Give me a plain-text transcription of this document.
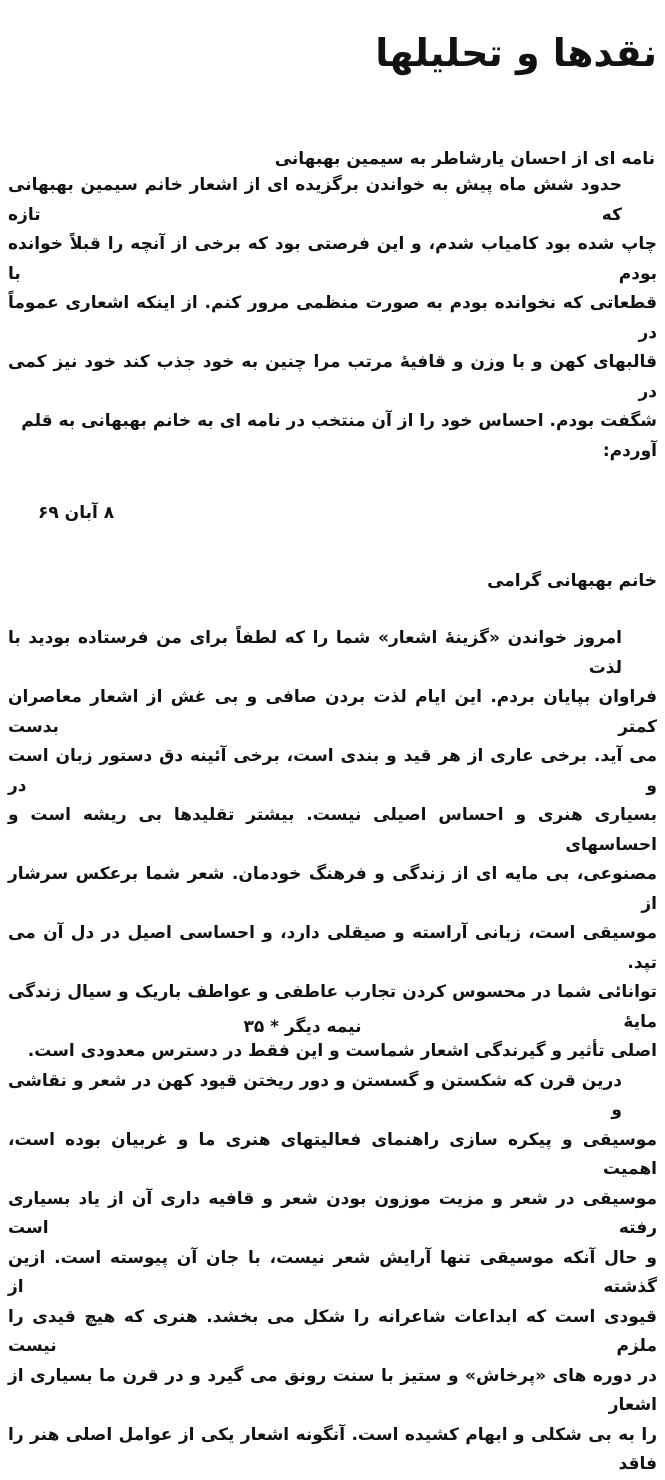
نقدها و تحلیلها
نامه ای از احسان یارشاطر به سیمین بهبهانی
حدود شش ماه پیش به خواندن برگزیده ای از اشعار خانم سیمین بهبهانی که تازه
چاپ شده بود کامیاب شدم، و این فرصتی بود که برخی از آنچه را قبلاً خوانده بودم با
قطعاتی که نخوانده بودم به صورت منظمی مرور کنم. از اینکه اشعاری عموماً در
قالبهای کهن و با وزن و قافیهٔ مرتب مرا چنین به خود جذب کند خود نیز کمی در
شگفت بودم. احساس خود را از آن منتخب در نامه ای به خانم بهبهانی به قلم آوردم:
۸ آبان ۶۹
خانم بهبهانی گرامی
امروز خواندن «گزینهٔ اشعار» شما را که لطفاً برای من فرستاده بودید با لذت
فراوان بپایان بردم. این ایام لذت بردن صافی و بی غش از اشعار معاصران کمتر بدست
می آید. برخی عاری از هر قید و بندی است، برخی آئینه دق دستور زبان است و در
بسیاری هنری و احساس اصیلی نیست. بیشتر تقلیدها بی ریشه است و احساسهای
مصنوعی، بی مایه ای از زندگی و فرهنگ خودمان. شعر شما برعکس سرشار از
موسیقی است، زبانی آراسته و صیقلی دارد، و احساسی اصیل در دل آن می تپد.
توانائی شما در محسوس کردن تجارب عاطفی و عواطف باریک و سیال زندگی مایهٔ
اصلی تأثیر و گیرندگی اشعار شماست و این فقط در دسترس معدودی است.
درین قرن که شکستن و گسستن و دور ریختن قیود کهن در شعر و نقاشی و
موسیقی و پیکره سازی راهنمای فعالیتهای هنری ما و غربیان بوده است، اهمیت
موسیقی در شعر و مزیت موزون بودن شعر و قافیه داری آن از یاد بسیاری رفته است
و حال آنکه موسیقی تنها آرایش شعر نیست، با جان آن پیوسته است. ازین گذشته از
قیودی است که ابداعات شاعرانه را شکل می بخشد. هنری که هیچ قیدی را ملزم نیست
در دوره های «پرخاش» و ستیز با سنت رونق می گیرد و در قرن ما بسیاری از اشعار
را به بی شکلی و ابهام کشیده است. آنگونه اشعار یکی از عوامل اصلی هنر را فاقد
نیمه دیگر * ۳۵
